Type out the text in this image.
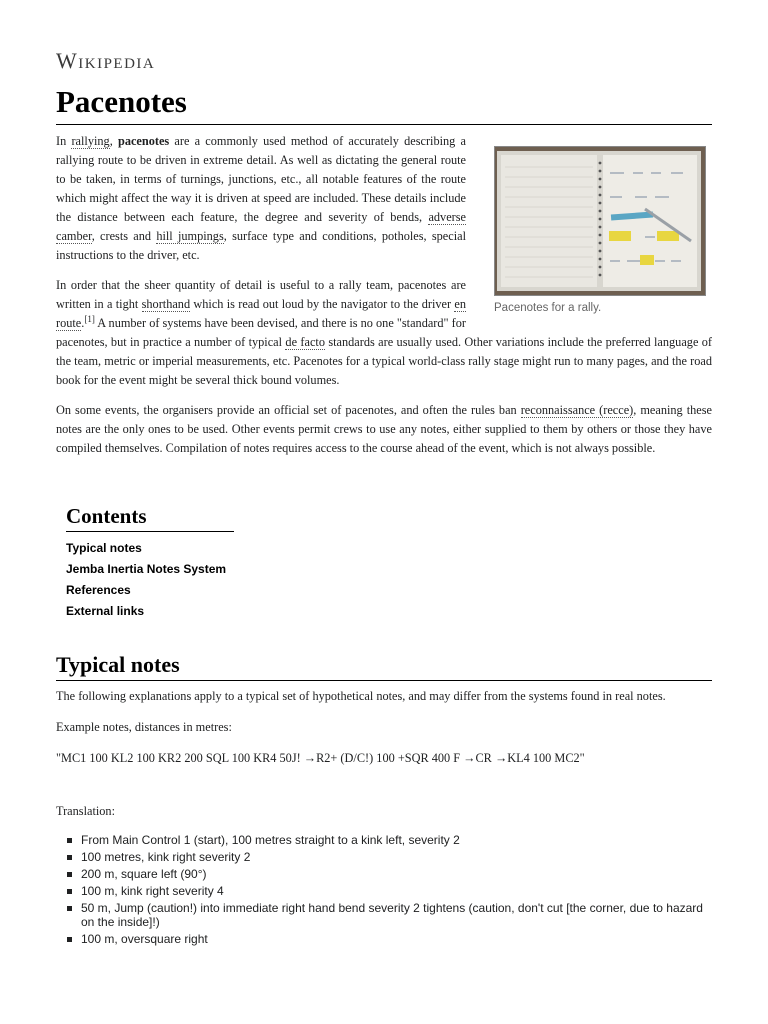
Wikipedia
Pacenotes
Pacenotes for a rally.

In rallying, pacenotes are a commonly used method of accurately describing a rallying route to be driven in extreme detail. As well as dictating the general route to be taken, in terms of turnings, junctions, etc., all notable features of the route which might affect the way it is driven at speed are included. These details include the distance between each feature, the degree and severity of bends, adverse camber, crests and hill jumpings, surface type and conditions, potholes, special instructions to the driver, etc.

In order that the sheer quantity of detail is useful to a rally team, pacenotes are written in a tight shorthand which is read out loud by the navigator to the driver en route.[1] A number of systems have been devised, and there is no one "standard" for pacenotes, but in practice a number of typical de facto standards are usually used. Other variations include the preferred language of the team, metric or imperial measurements, etc. Pacenotes for a typical world-class rally stage might run to many pages, and the road book for the event might be several thick bound volumes.

On some events, the organisers provide an official set of pacenotes, and often the rules ban reconnaissance (recce), meaning these notes are the only ones to be used. Other events permit crews to use any notes, either supplied to them by others or those they have compiled themselves. Compilation of notes requires access to the course ahead of the event, which is not always possible.

Contents
Typical notes
Jemba Inertia Notes System
References
External links
Typical notes

The following explanations apply to a typical set of hypothetical notes, and may differ from the systems found in real notes.

Example notes, distances in metres:

"MC1 100 KL2 100 KR2 200 SQL 100 KR4 50J! →R2+ (D/C!) 100 +SQR 400 F →CR →KL4 100 MC2"

Translation:

From Main Control 1 (start), 100 metres straight to a kink left, severity 2
100 metres, kink right severity 2
200 m, square left (90°)
100 m, kink right severity 4
50 m, Jump (caution!) into immediate right hand bend severity 2 tightens (caution, don't cut [the corner, due to hazard on the inside]!)
100 m, oversquare right
